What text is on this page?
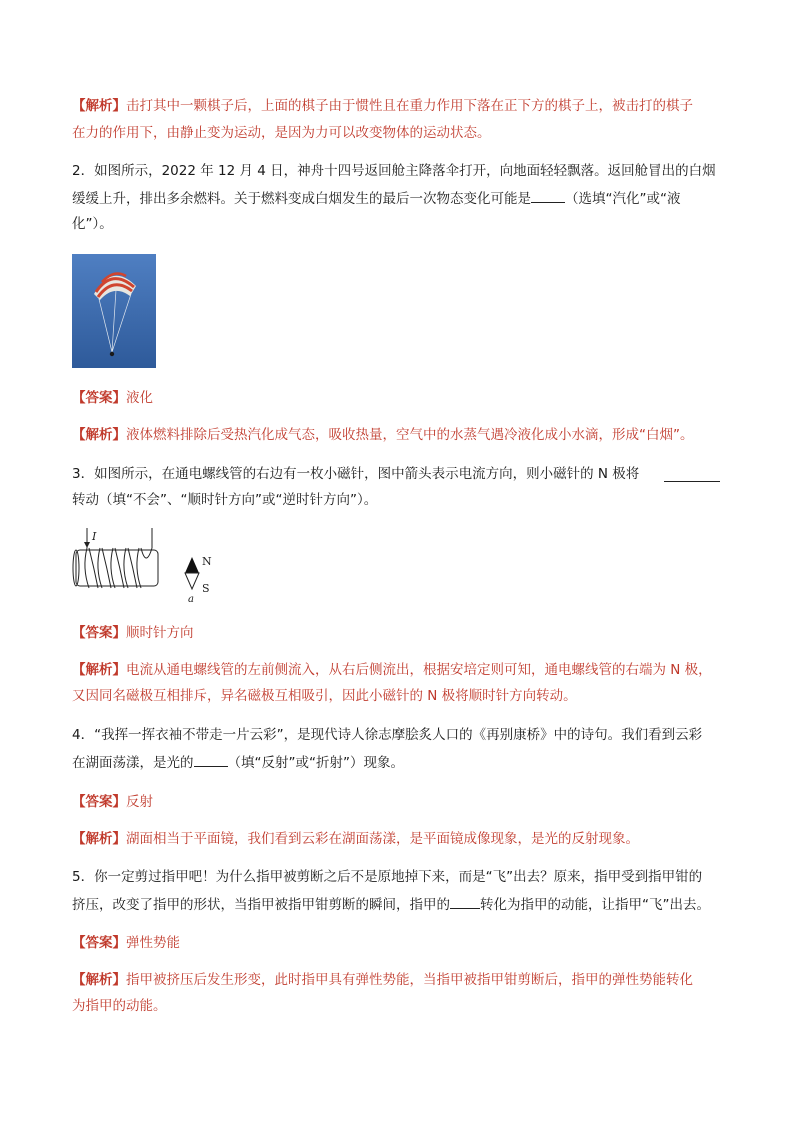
【解析】击打其中一颗棋子后，上面的棋子由于惯性且在重力作用下落在正下方的棋子上，被击打的棋子
在力的作用下，由静止变为运动，是因为力可以改变物体的运动状态。
2．如图所示，2022 年 12 月 4 日，神舟十四号返回舱主降落伞打开，向地面轻轻飘落。返回舱冒出的白烟
缓缓上升，排出多余燃料。关于燃料变成白烟发生的最后一次物态变化可能是	（选填“汽化”或“液
化”）。
【答案】液化
【解析】液体燃料排除后受热汽化成气态，吸收热量，空气中的水蒸气遇冷液化成小水滴，形成“白烟”。
3．如图所示，在通电螺线管的右边有一枚小磁针，图中箭头表示电流方向，则小磁针的 N 极将
转动（填“不会”、“顺时针方向”或“逆时针方向”）。
I
N
S
a
【答案】顺时针方向
【解析】电流从通电螺线管的左前侧流入，从右后侧流出，根据安培定则可知，通电螺线管的右端为 N 极，
又因同名磁极互相排斥，异名磁极互相吸引，因此小磁针的 N 极将顺时针方向转动。
4．“我挥一挥衣袖不带走一片云彩”，是现代诗人徐志摩脍炙人口的《再别康桥》中的诗句。我们看到云彩
在湖面荡漾，是光的	（填“反射”或“折射”）现象。
【答案】反射
【解析】湖面相当于平面镜，我们看到云彩在湖面荡漾，是平面镜成像现象，是光的反射现象。
5．你一定剪过指甲吧！为什么指甲被剪断之后不是原地掉下来，而是“飞”出去？原来，指甲受到指甲钳的
挤压，改变了指甲的形状，当指甲被指甲钳剪断的瞬间，指甲的 转化为指甲的动能，让指甲“飞”出去。
【答案】弹性势能
【解析】指甲被挤压后发生形变，此时指甲具有弹性势能，当指甲被指甲钳剪断后，指甲的弹性势能转化
为指甲的动能。
